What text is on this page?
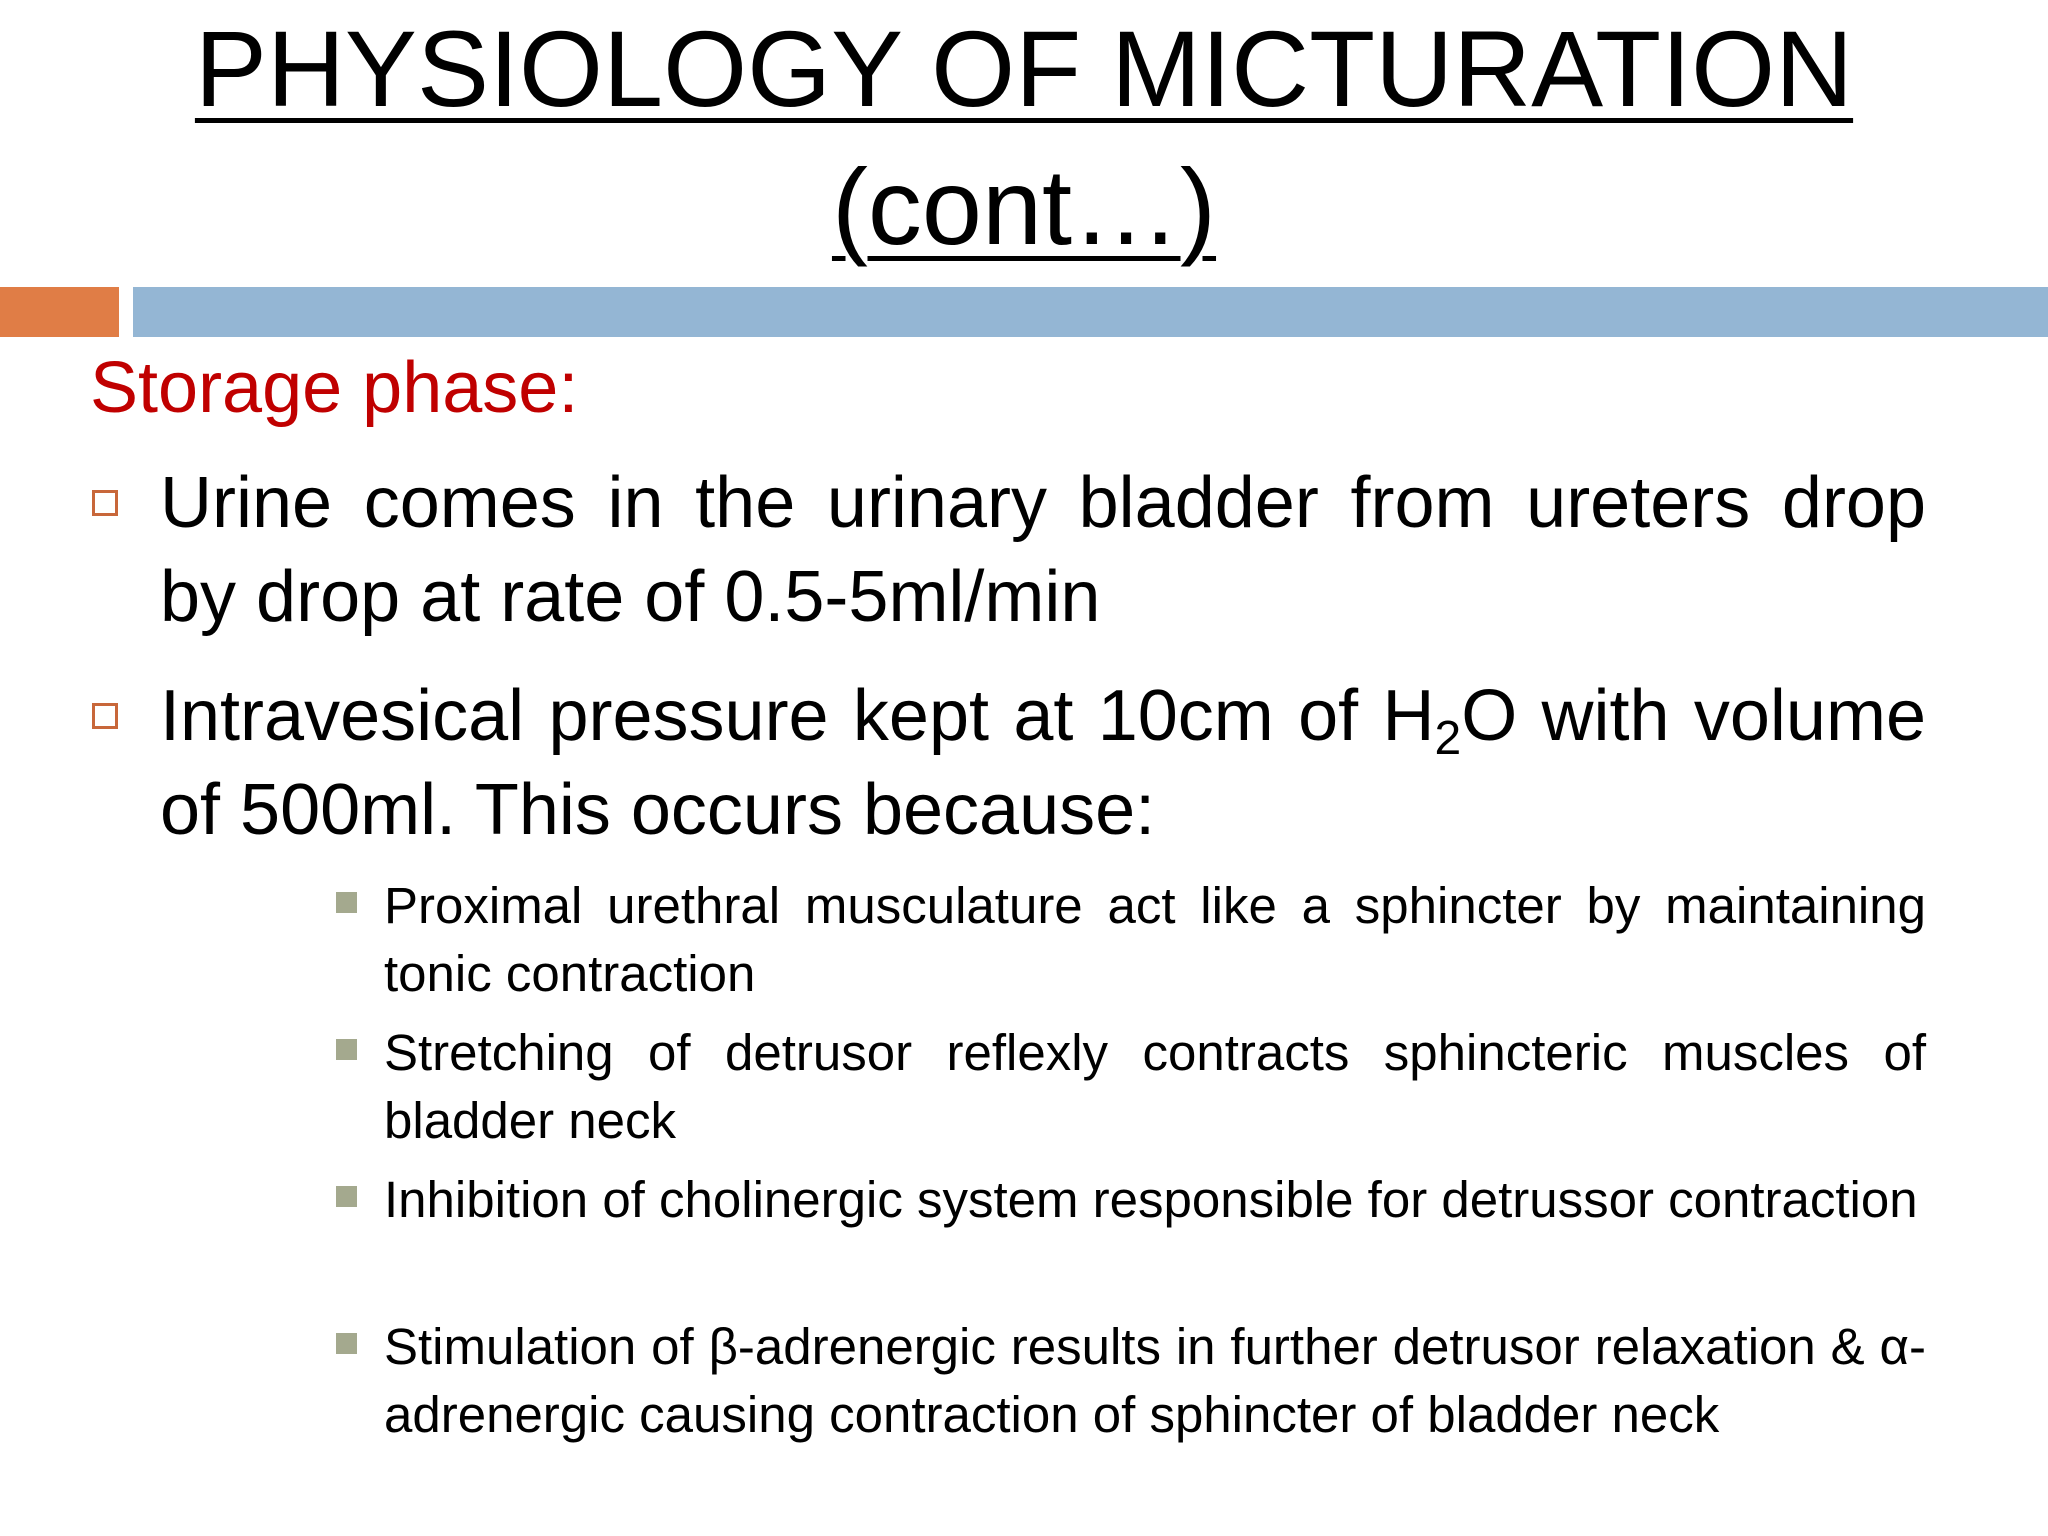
PHYSIOLOGY OF MICTURATION
(cont…)
Storage phase:
Urine comes in the urinary bladder from ureters drop by drop at rate of 0.5-5ml/min
Intravesical pressure kept at 10cm of $H_2O$ with volume of 500ml. This occurs because:
Proximal urethral musculature act like a sphincter by maintaining tonic contraction
Stretching of detrusor reflexly contracts sphincteric muscles of bladder neck
Inhibition of cholinergic system responsible for detrussor contraction
Stimulation of β-adrenergic results in further detrusor relaxation & α-adrenergic causing contraction of sphincter of bladder neck
